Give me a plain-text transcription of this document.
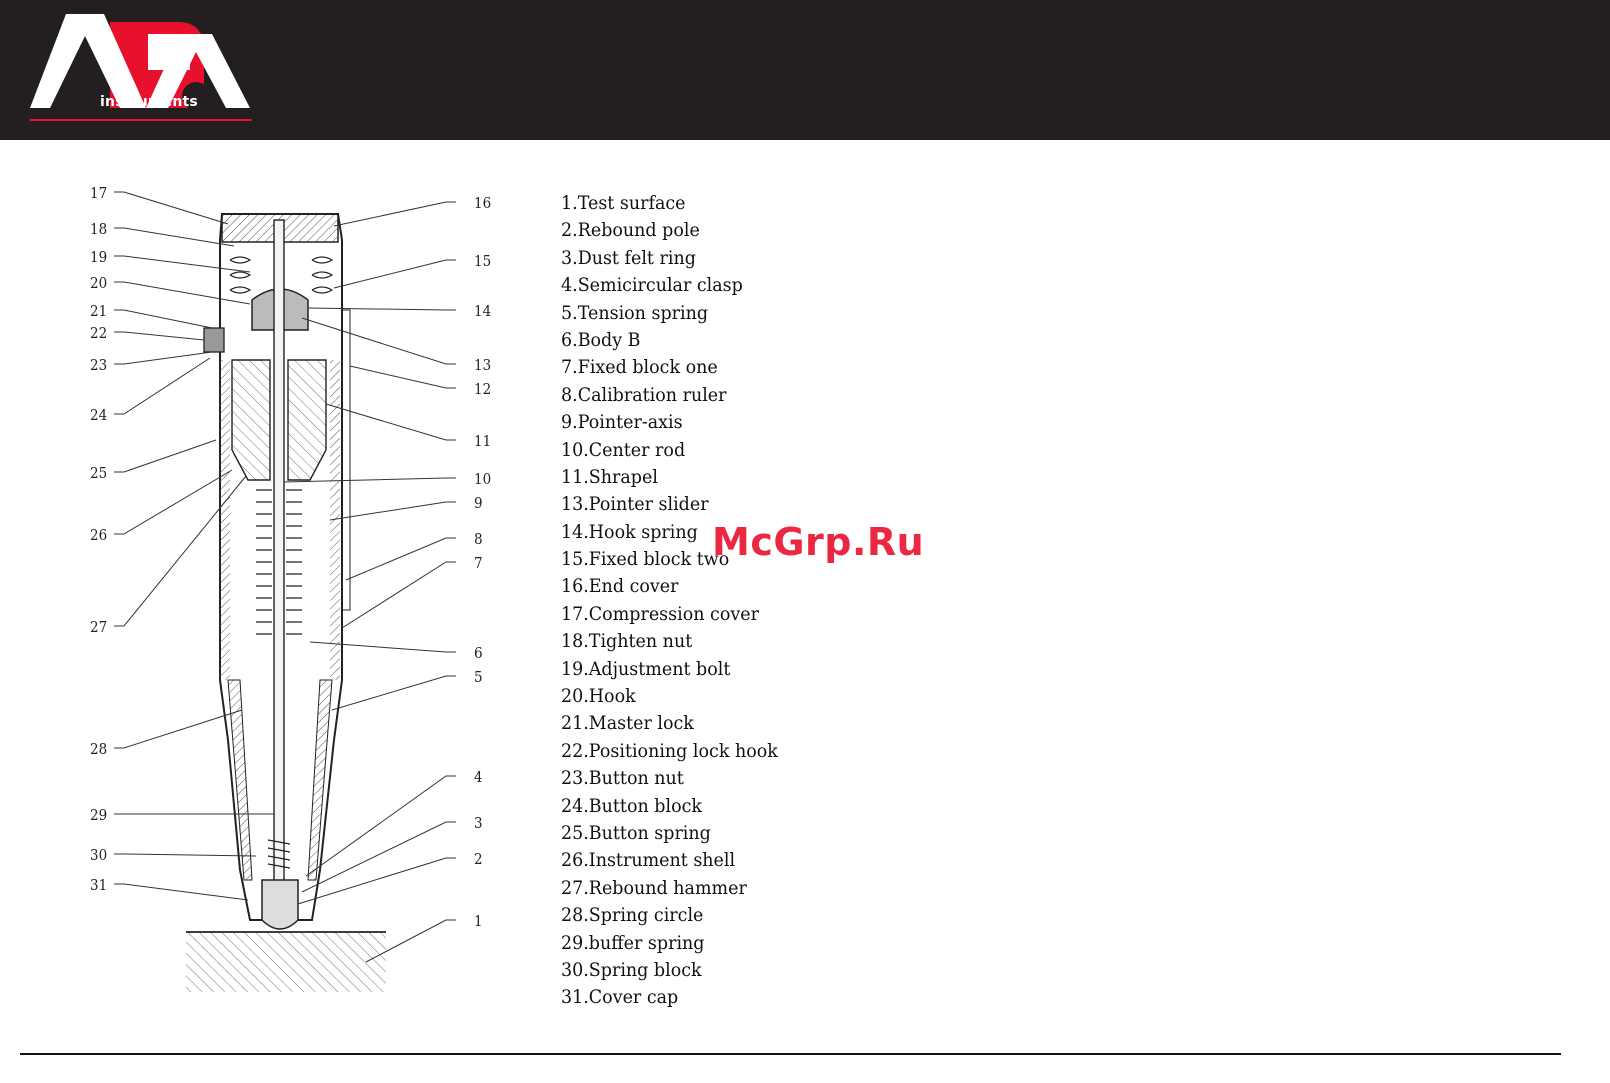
instruments
17
18
19
20
21
22
23
24
25
26
27
28
29
30
31
16
15
14
13
12
11
10
9
8
7
6
5
4
3
2
1
1.Test surface
2.Rebound pole
3.Dust felt ring
4.Semicircular clasp
5.Tension spring
6.Body B
7.Fixed block one
8.Calibration ruler
9.Pointer-axis
10.Center rod
11.Shrapel
13.Pointer slider
14.Hook spring
15.Fixed block two
16.End cover
17.Compression cover
18.Tighten nut
19.Adjustment bolt
20.Hook
21.Master lock
22.Positioning lock hook
23.Button nut
24.Button block
25.Button spring
26.Instrument shell
27.Rebound hammer
28.Spring circle
29.buffer spring
30.Spring block
31.Cover cap
McGrp.Ru
